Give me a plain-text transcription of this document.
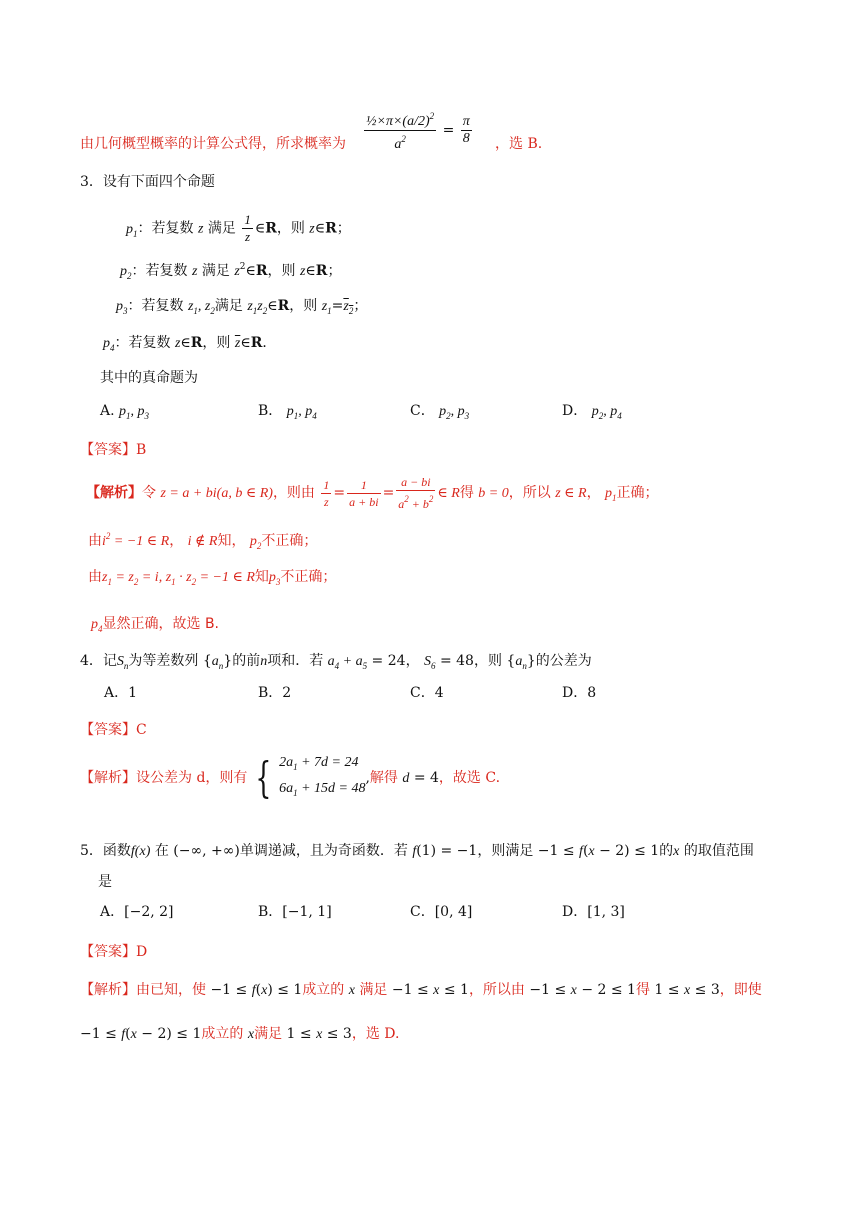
由几何概型概率的计算公式得，所求概率为 $\frac{\frac{1}{2}\times\pi\times(a/2)^2}{a^2} = \frac{\pi}{8}$ ，选 B.
3．设有下面四个命题
$p_1$：若复数 z 满足 $\frac{1}{z}$ ∈R，则 z∈R；
$p_2$：若复数 z 满足 $z^2\in R$，则 z∈R；
$p_3$：若复数 $z_1$, $z_2$满足 $z_1z_2\in R$，则 $z_1=z_2$；
$p_4$：若复数 z∈R，则 $\overline{z}\in R$．
其中的真命题为
A. $p_1$, $p_3$	B． $p_1$, $p_4$	C． $p_2$, $p_3$	D． $p_2$, $p_4$
【答案】B
【解析】令 z = a + bi(a, b ∈ R)，则由 $\frac{1}{z} = \frac{1}{a + bi} = \frac{a - bi}{a^2 + b^2}$ ∈ R得 b = 0，所以 z ∈ R， $p_1$正确；
由$i^2 = -1$ ∈ R， i ∉ R知， $p_2$不正确；
由$z_1 = z_2 = i$, $z_1 \cdot z_2 = -1$ ∈ R知$p_3$不正确；
$p_4$显然正确，故选 B.
4．记$S_n$为等差数列 $\{a_n\}$的前n项和．若 $a_4 + a_5 = 24$， $S_6 = 48$，则 $\{a_n\}$的公差为
A．1	B．2	C．4	D．8
【答案】C
【解析】设公差为 d，则有 { $2a_1 + 7d = 24$
$6a_1 + 15d = 48$
,解得 d = 4，故选 C.
5．函数f(x) 在 (−∞, +∞)单调递减，且为奇函数．若 f(1) = −1，则满足 −1 ≤ f(x − 2) ≤ 1的x 的取值范围
是
A．[−2, 2]	B．[−1, 1]	C．[0, 4]	D．[1, 3]
【答案】D
【解析】由已知，使 −1 ≤ f(x) ≤ 1成立的 x 满足 −1 ≤ x ≤ 1，所以由 −1 ≤ x − 2 ≤ 1得 1 ≤ x ≤ 3，即使
−1 ≤ f(x − 2) ≤ 1成立的 x满足 1 ≤ x ≤ 3，选 D.
